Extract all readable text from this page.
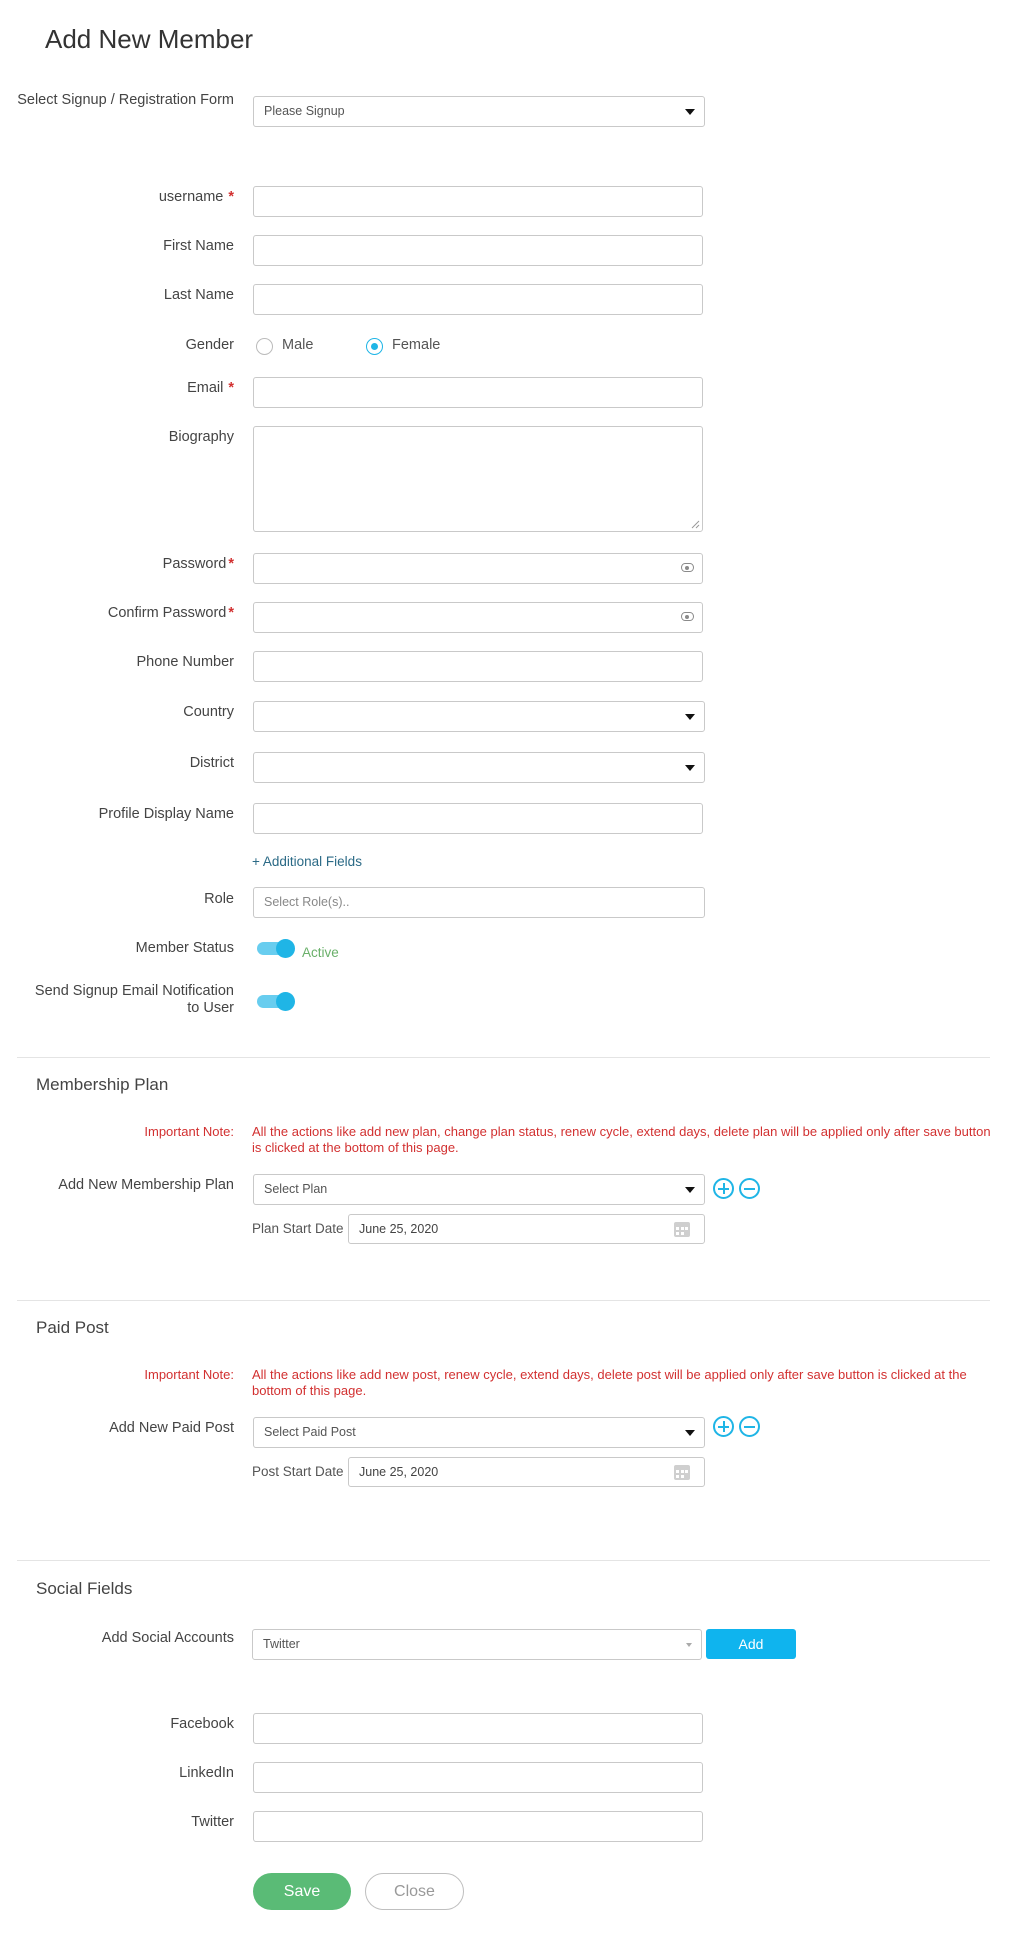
Add New Member
Select Signup / Registration Form
Please Signup
username *
First Name
Last Name
Gender	Male	Female
Email *
Biography
Password *
Confirm Password *
Phone Number
Country
District
Profile Display Name
+ Additional Fields
Role	Select Role(s)..
Member Status	Active
Send Signup Email Notification
to User
Membership Plan
Important Note: All the actions like add new plan, change plan status, renew cycle, extend days, delete plan will be applied only after save button is clicked at the bottom of this page.
Add New Membership Plan	Select Plan
Plan Start Date	June 25, 2020
Paid Post
Important Note: All the actions like add new post, renew cycle, extend days, delete post will be applied only after save button is clicked at the bottom of this page.
Add New Paid Post	Select Paid Post
Post Start Date	June 25, 2020
Social Fields
Add Social Accounts	Twitter	Add
Facebook
LinkedIn
Twitter
Save	Close
